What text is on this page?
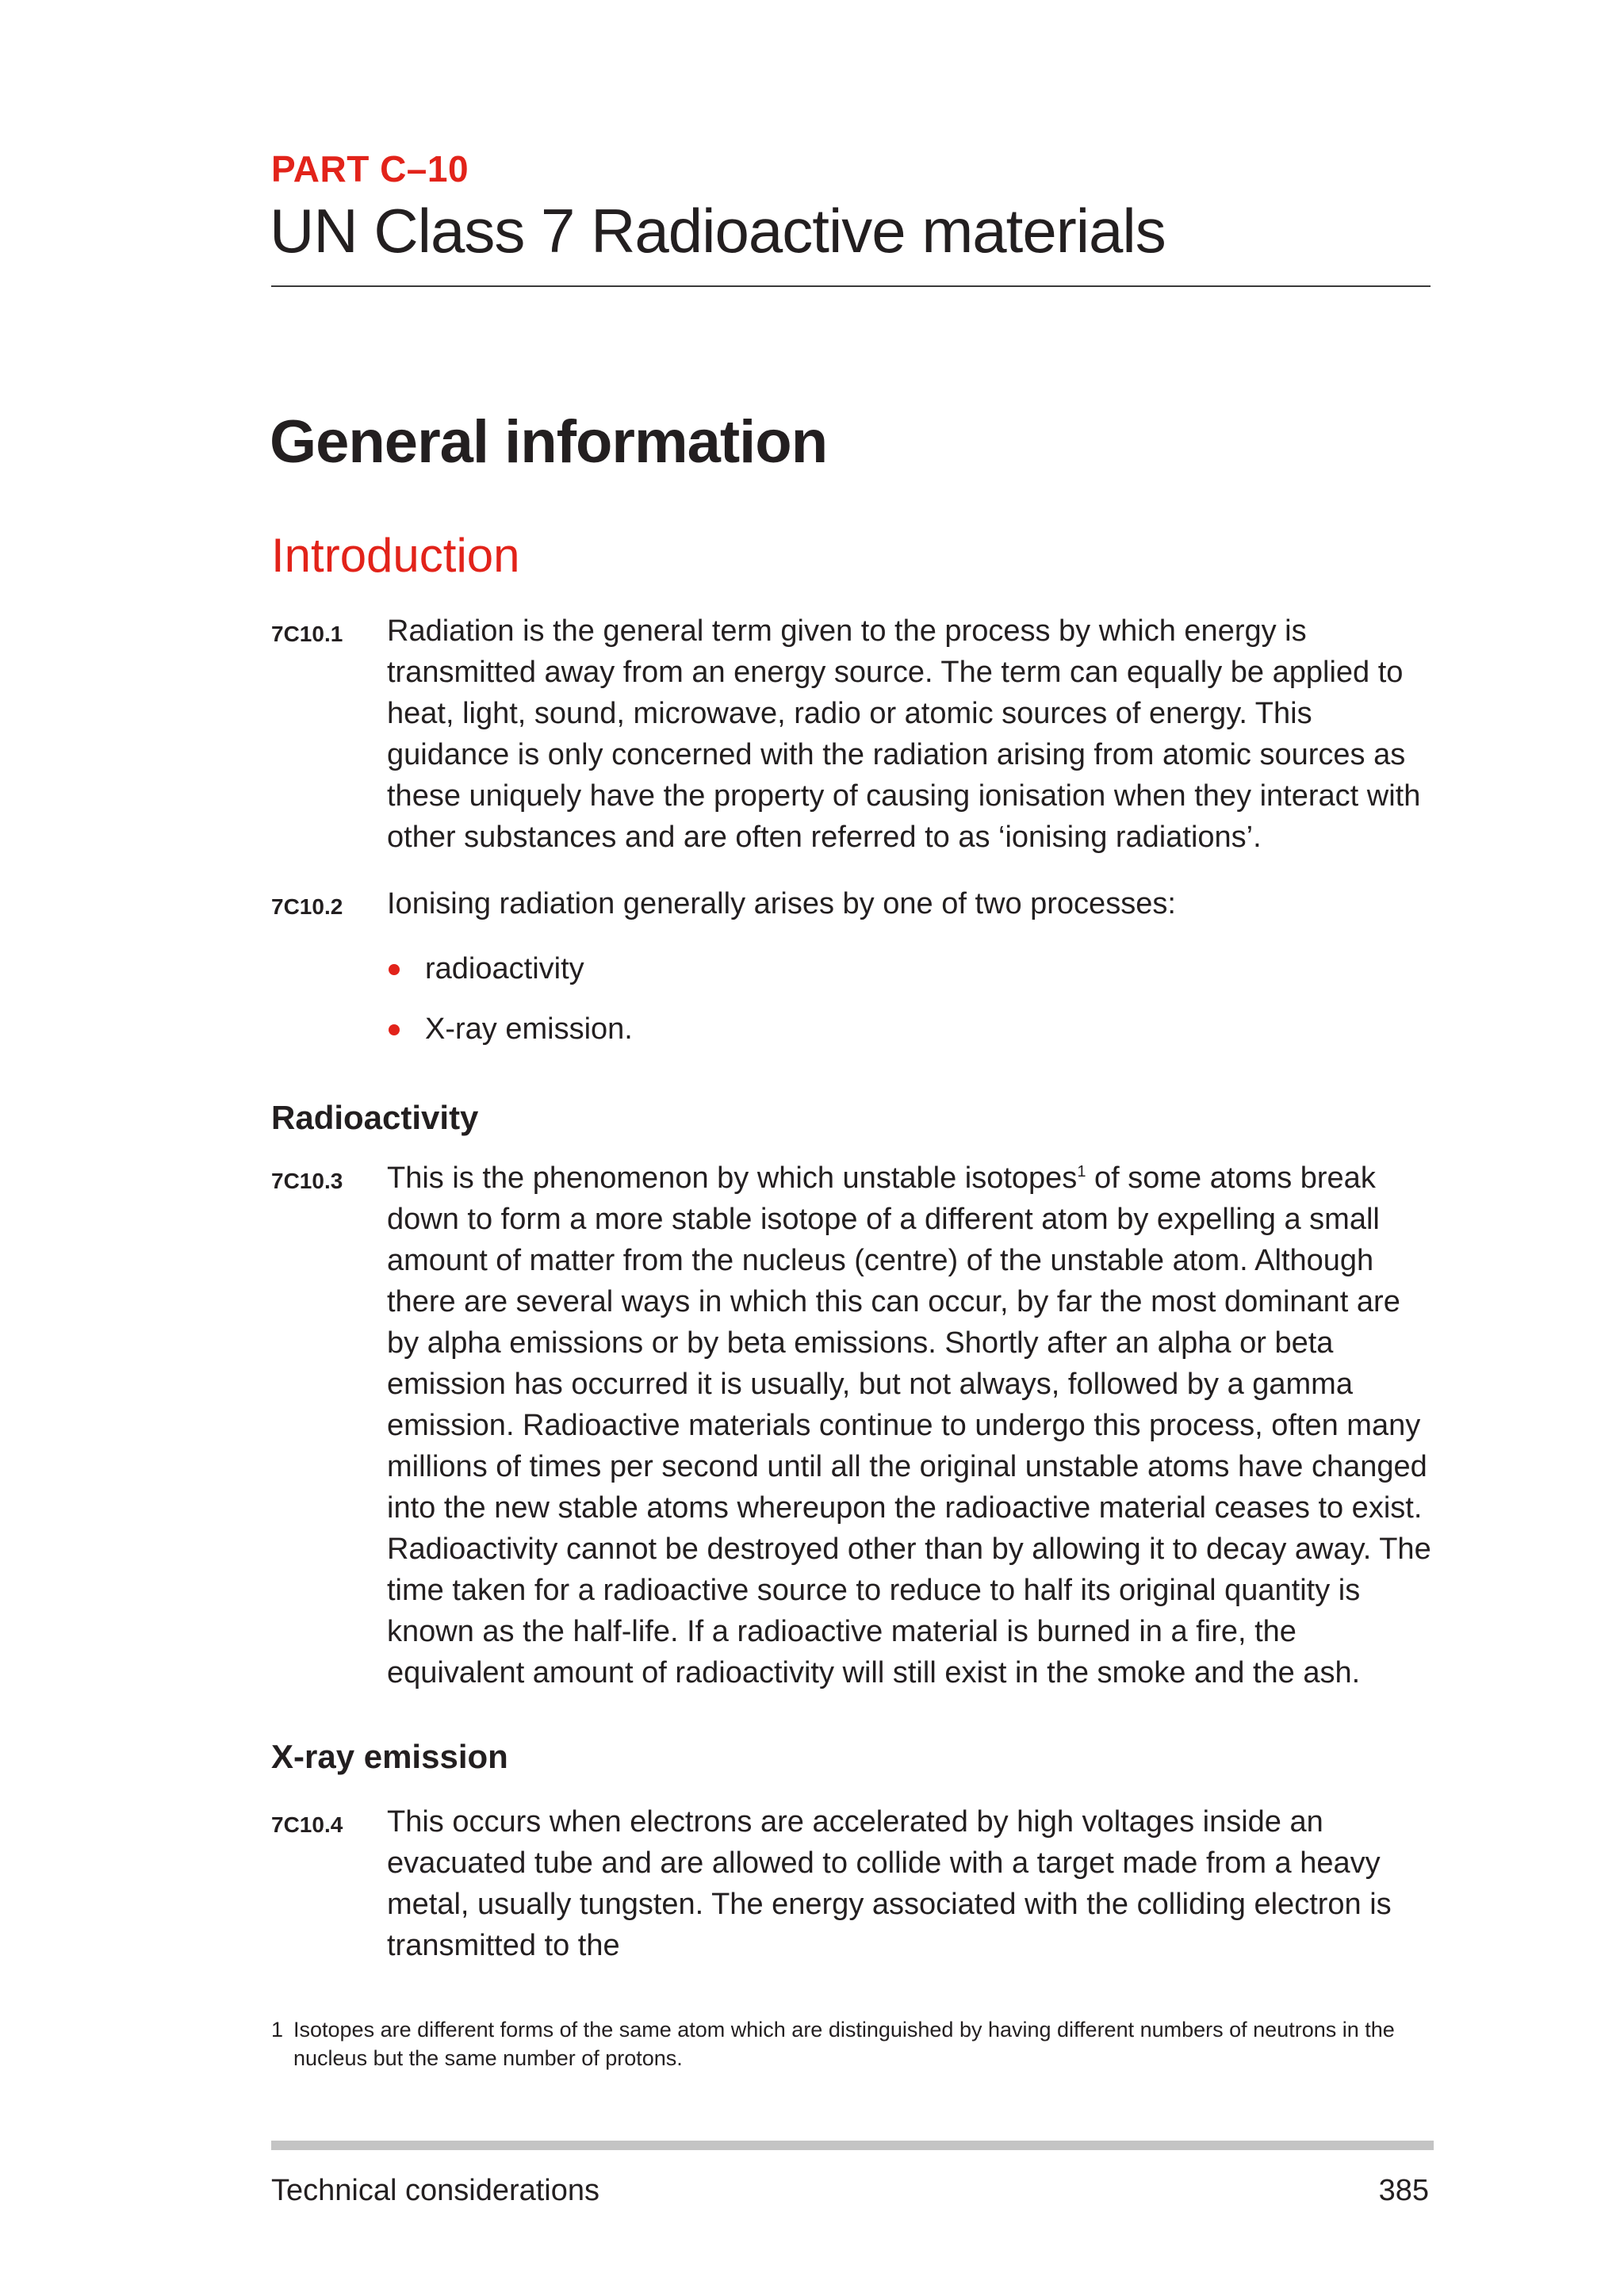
PART C–10
UN Class 7 Radioactive materials
General information
Introduction
7C10.1 Radiation is the general term given to the process by which energy is transmitted away from an energy source. The term can equally be applied to heat, light, sound, microwave, radio or atomic sources of energy. This guidance is only concerned with the radiation arising from atomic sources as these uniquely have the property of causing ionisation when they interact with other substances and are often referred to as ‘ionising radiations’.
7C10.2 Ionising radiation generally arises by one of two processes:
radioactivity
X-ray emission.
Radioactivity
7C10.3 This is the phenomenon by which unstable isotopes$^1$ of some atoms break down to form a more stable isotope of a different atom by expelling a small amount of matter from the nucleus (centre) of the unstable atom. Although there are several ways in which this can occur, by far the most dominant are by alpha emissions or by beta emissions. Shortly after an alpha or beta emission has occurred it is usually, but not always, followed by a gamma emission. Radioactive materials continue to undergo this process, often many millions of times per second until all the original unstable atoms have changed into the new stable atoms whereupon the radioactive material ceases to exist. Radioactivity cannot be destroyed other than by allowing it to decay away. The time taken for a radioactive source to reduce to half its original quantity is known as the half-life. If a radioactive material is burned in a fire, the equivalent amount of radioactivity will still exist in the smoke and the ash.
X-ray emission
7C10.4 This occurs when electrons are accelerated by high voltages inside an evacuated tube and are allowed to collide with a target made from a heavy metal, usually tungsten. The energy associated with the colliding electron is transmitted to the
1 Isotopes are different forms of the same atom which are distinguished by having different numbers of neutrons in the nucleus but the same number of protons.
Technical considerations	385
